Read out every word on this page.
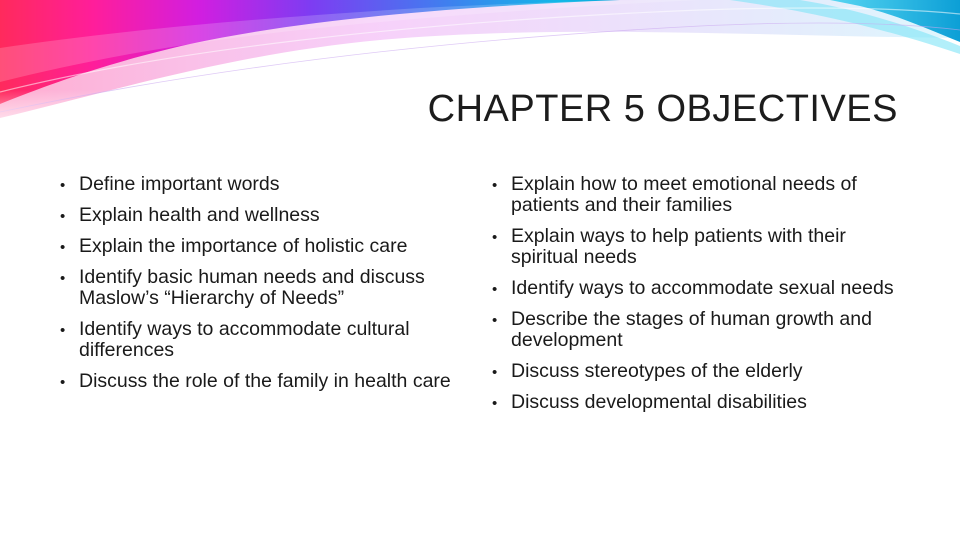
CHAPTER 5 OBJECTIVES
• Define important words
• Explain health and wellness
• Explain the importance of holistic care
• Identify basic human needs and discuss Maslow’s “Hierarchy of Needs”
• Identify ways to accommodate cultural differences
• Discuss the role of the family in health care
• Explain how to meet emotional needs of patients and their families
• Explain ways to help patients with their spiritual needs
• Identify ways to accommodate sexual needs
• Describe the stages of human growth and development
• Discuss stereotypes of the elderly
• Discuss developmental disabilities
